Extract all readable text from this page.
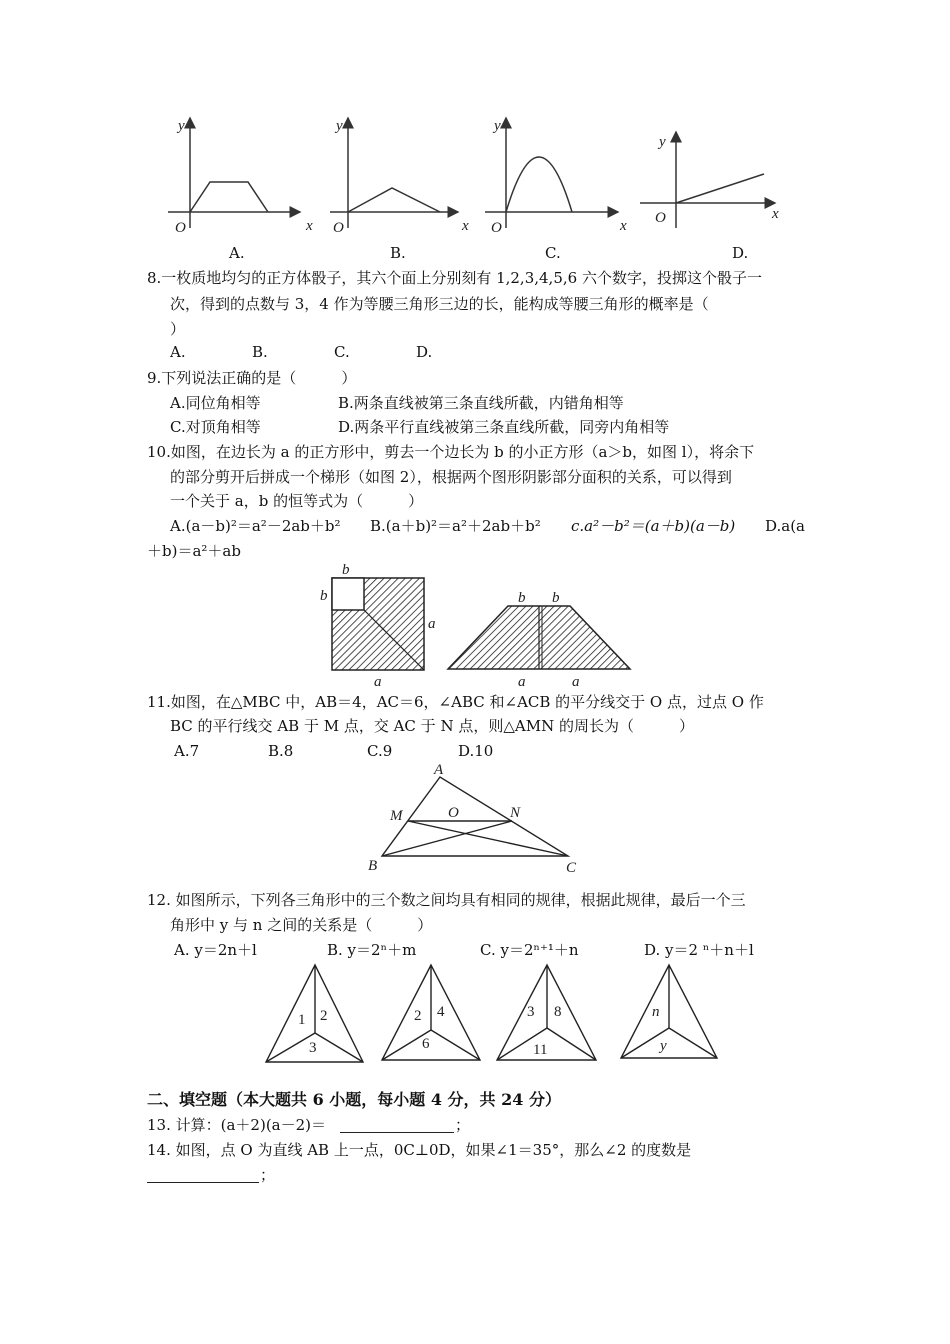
y
x
O
y
x
O
y
x
O
y
x
O
A.	B.	C.	D.
8.一枚质地均匀的正方体骰子，其六个面上分别刻有 1,2,3,4,5,6 六个数字，投掷这个骰子一
次，得到的点数与 3，4 作为等腰三角形三边的长，能构成等腰三角形的概率是（
）
A.	B.	C.	D.
9.下列说法正确的是（　　　）
A.同位角相等	B.两条直线被第三条直线所截，内错角相等
C.对顶角相等	D.两条平行直线被第三条直线所截，同旁内角相等
10.如图，在边长为 a 的正方形中，剪去一个边长为 b 的小正方形（a＞b，如图 l），将余下
的部分剪开后拼成一个梯形（如图 2），根据两个图形阴影部分面积的关系，可以得到
一个关于 a，b 的恒等式为（　　　）
A.(a－b)²＝a²－2ab＋b² B.(a＋b)²＝a²＋2ab＋b² c.a²－b²＝(a＋b)(a－b) D.a(a
＋b)＝a²＋ab
b
b
a
a
b b
a	a
11.如图，在△MBC 中，AB＝4，AC＝6，∠ABC 和∠ACB 的平分线交于 O 点，过点 O 作
BC 的平行线交 AB 于 M 点，交 AC 于 N 点，则△AMN 的周长为（　　　）
A.7	B.8	C.9	D.10
A
M	O	N
B	C
12. 如图所示，下列各三角形中的三个数之间均具有相同的规律，根据此规律，最后一个三
角形中 y 与 n 之间的关系是（　　　）
A. y＝2n＋l	B. y＝2ⁿ＋m	C. y＝2ⁿ⁺¹＋n	D. y＝2 ⁿ＋n＋l
1 2
3
2 4
6
3 8
11
n
y
二、填空题（本大题共 6 小题，每小题 4 分，共 24 分）
13. 计算：(a＋2)(a－2)＝	；
14. 如图，点 O 为直线 AB 上一点，0C⊥0D，如果∠1＝35°，那么∠2 的度数是
；
